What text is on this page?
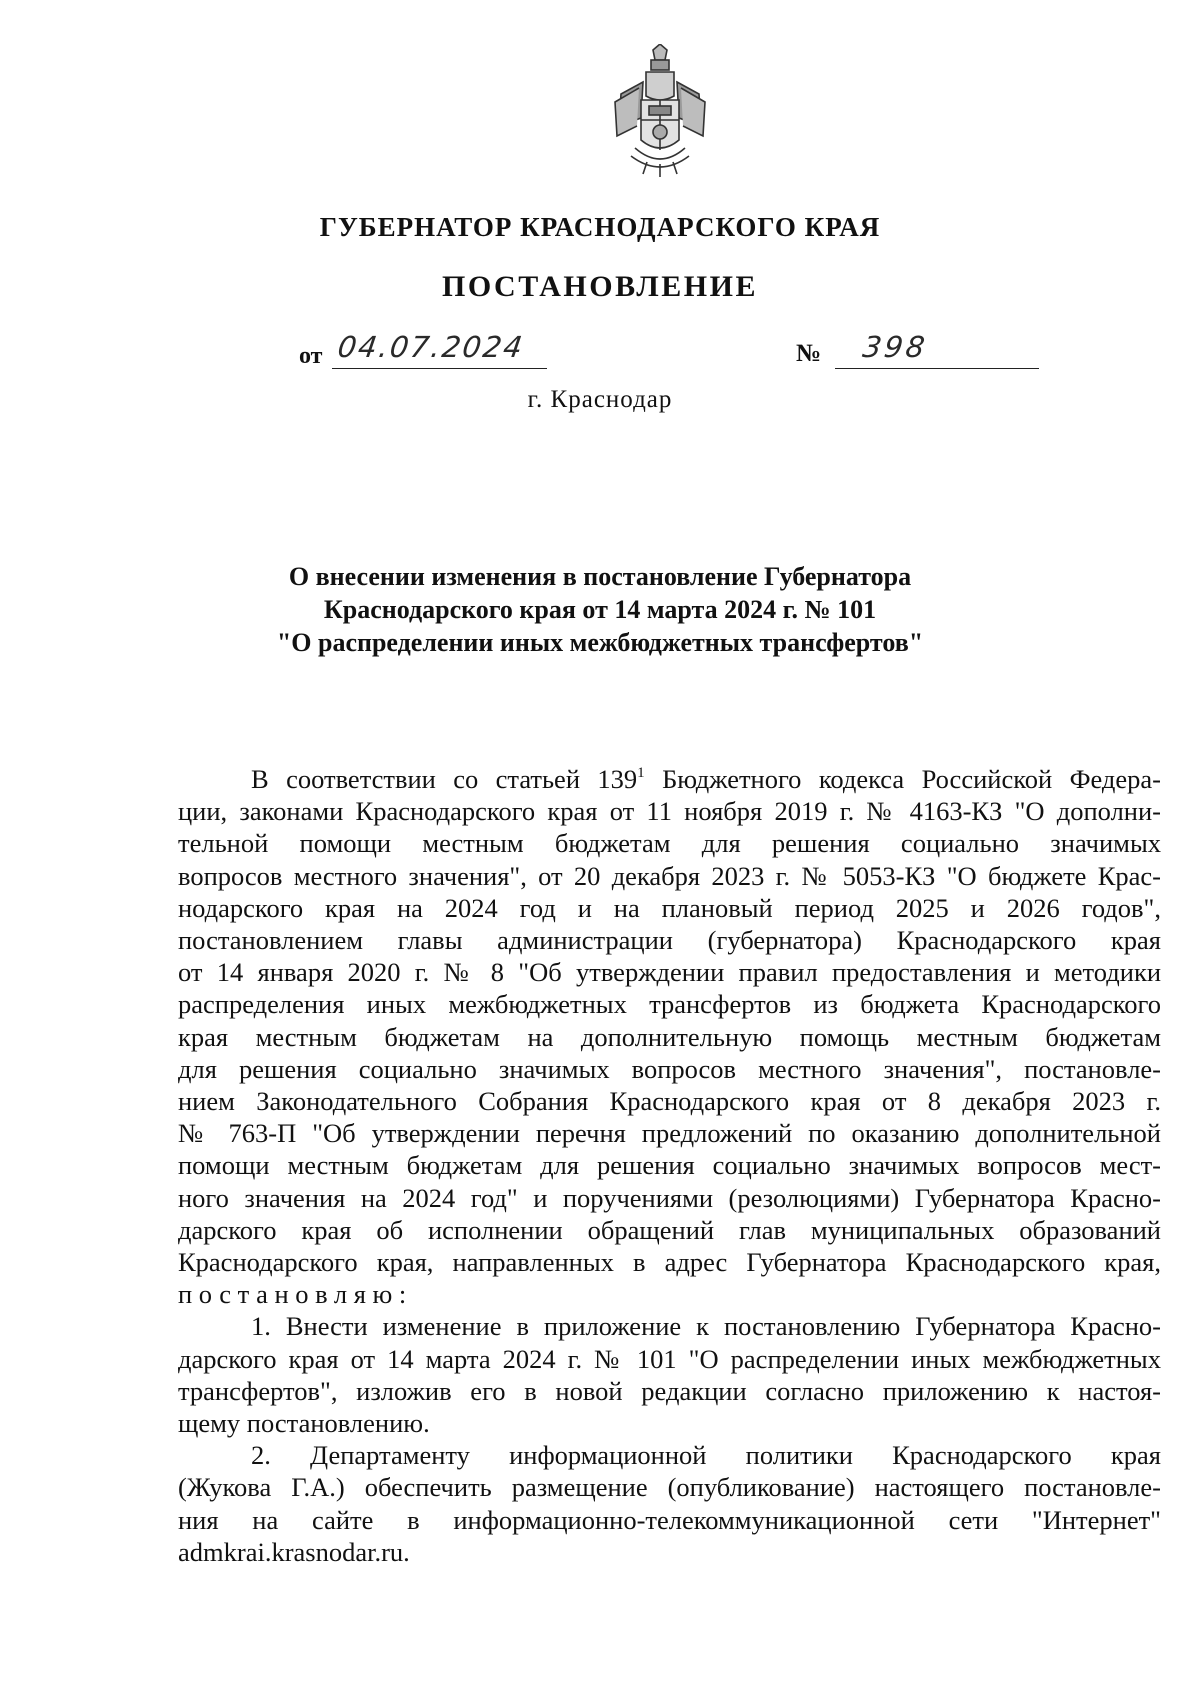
ГУБЕРНАТОР КРАСНОДАРСКОГО КРАЯ
ПОСТАНОВЛЕНИЕ
от 04.07.2024	№ 398
г. Краснодар
О внесении изменения в постановление Губернатора
Краснодарского края от 14 марта 2024 г. № 101
"О распределении иных межбюджетных трансфертов"
В соответствии со статьей $139^1$ Бюджетного кодекса Российской Федера-
ции, законами Краснодарского края от 11 ноября 2019 г. № 4163-КЗ "О дополни-
тельной помощи местным бюджетам для решения социально значимых
вопросов местного значения", от 20 декабря 2023 г. № 5053-КЗ "О бюджете Крас-
нодарского края на 2024 год и на плановый период 2025 и 2026 годов",
постановлением главы администрации (губернатора) Краснодарского края
от 14 января 2020 г. № 8 "Об утверждении правил предоставления и методики
распределения иных межбюджетных трансфертов из бюджета Краснодарского
края местным бюджетам на дополнительную помощь местным бюджетам
для решения социально значимых вопросов местного значения", постановле-
нием Законодательного Собрания Краснодарского края от 8 декабря 2023 г.
№ 763-П "Об утверждении перечня предложений по оказанию дополнительной
помощи местным бюджетам для решения социально значимых вопросов мест-
ного значения на 2024 год" и поручениями (резолюциями) Губернатора Красно-
дарского края об исполнении обращений глав муниципальных образований
Краснодарского края, направленных в адрес Губернатора Краснодарского края,
постановляю:
1. Внести изменение в приложение к постановлению Губернатора Красно-
дарского края от 14 марта 2024 г. № 101 "О распределении иных межбюджетных
трансфертов", изложив его в новой редакции согласно приложению к настоя-
щему постановлению.
2. Департаменту информационной политики Краснодарского края
(Жукова Г.А.) обеспечить размещение (опубликование) настоящего постановле-
ния на сайте в информационно-телекоммуникационной сети "Интернет"
admkrai.krasnodar.ru.
